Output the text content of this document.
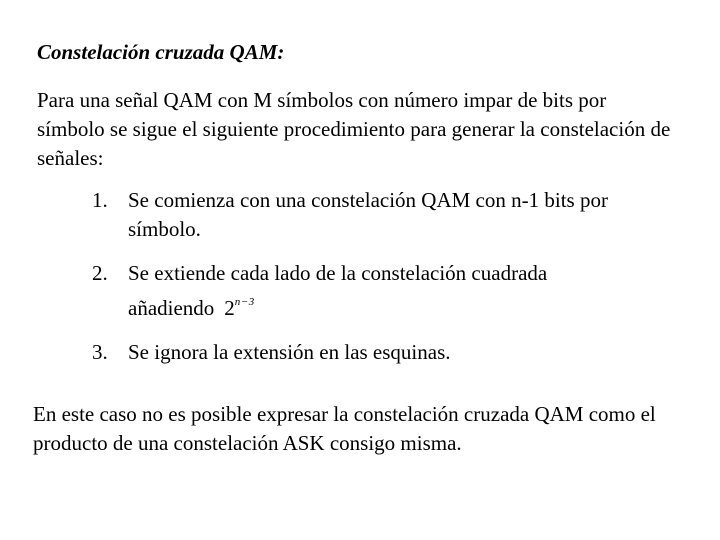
Constelación cruzada QAM:

Para una señal QAM con M símbolos con número impar de bits por símbolo se sigue el siguiente procedimiento para generar la constelación de señales:

1. Se comienza con una constelación QAM con n-1 bits por símbolo.
2. Se extiende cada lado de la constelación cuadrada añadiendo $2^{n-3}$
3. Se ignora la extensión en las esquinas.

En este caso no es posible expresar la constelación cruzada QAM como el producto de una constelación ASK consigo misma.
